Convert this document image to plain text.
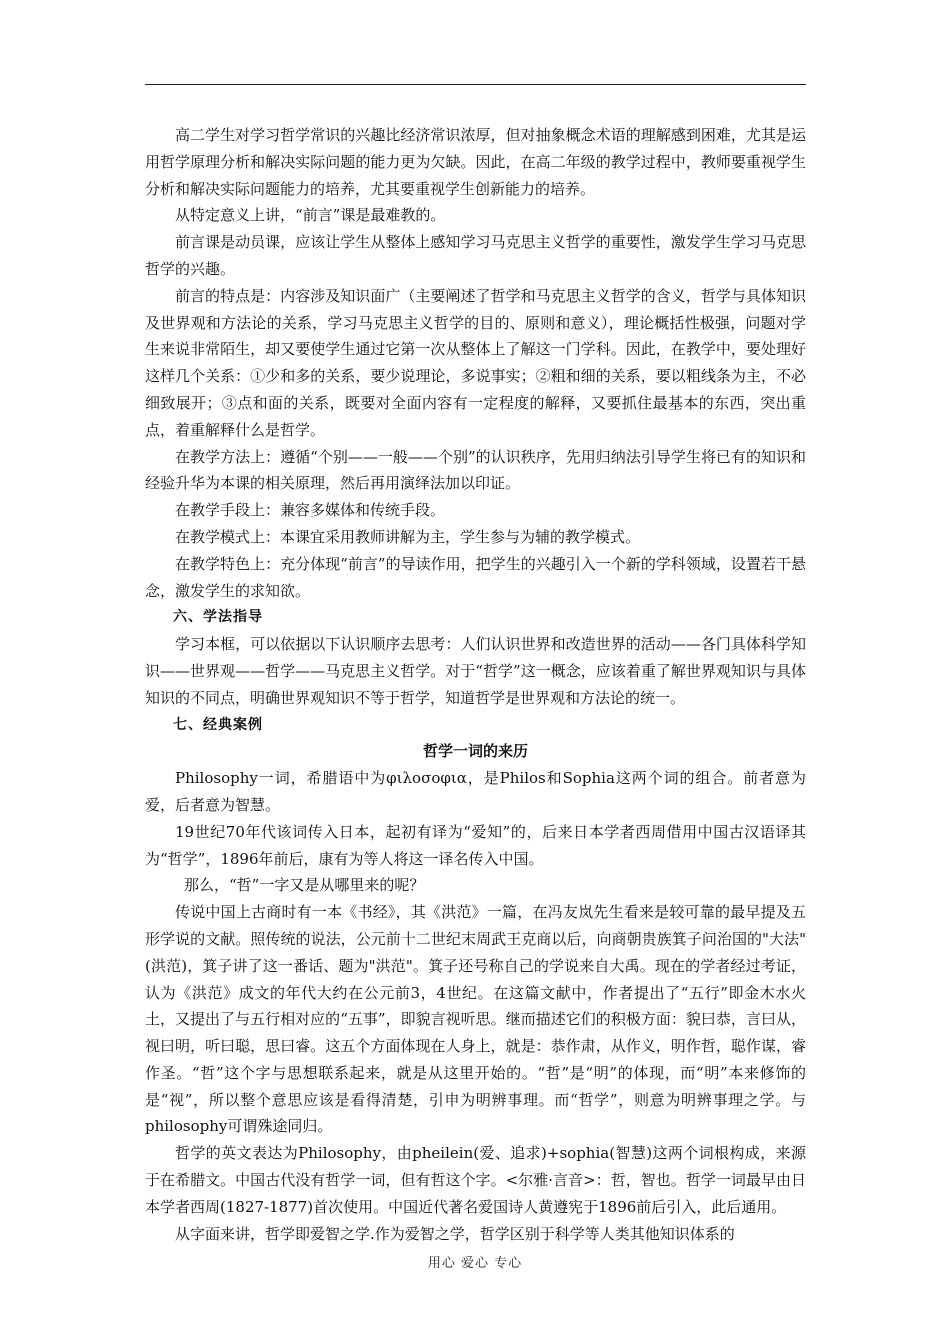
高二学生对学习哲学常识的兴趣比经济常识浓厚，但对抽象概念术语的理解感到困难，尤其是运用哲学原理分析和解决实际问题的能力更为欠缺。因此，在高二年级的教学过程中，教师要重视学生分析和解决实际问题能力的培养，尤其要重视学生创新能力的培养。

从特定意义上讲，“前言”课是最难教的。

前言课是动员课，应该让学生从整体上感知学习马克思主义哲学的重要性，激发学生学习马克思哲学的兴趣。

前言的特点是：内容涉及知识面广（主要阐述了哲学和马克思主义哲学的含义，哲学与具体知识及世界观和方法论的关系，学习马克思主义哲学的目的、原则和意义），理论概括性极强，问题对学生来说非常陌生，却又要使学生通过它第一次从整体上了解这一门学科。因此，在教学中，要处理好这样几个关系：①少和多的关系，要少说理论，多说事实；②粗和细的关系，要以粗线条为主，不必细致展开；③点和面的关系，既要对全面内容有一定程度的解释，又要抓住最基本的东西，突出重点，着重解释什么是哲学。

在教学方法上：遵循“个别——一般——个别”的认识秩序，先用归纳法引导学生将已有的知识和经验升华为本课的相关原理，然后再用演绎法加以印证。

在教学手段上：兼容多媒体和传统手段。

在教学模式上：本课宜采用教师讲解为主，学生参与为辅的教学模式。

在教学特色上：充分体现“前言”的导读作用，把学生的兴趣引入一个新的学科领域，设置若干悬念，激发学生的求知欲。

六、学法指导

学习本框，可以依据以下认识顺序去思考：人们认识世界和改造世界的活动——各门具体科学知识——世界观——哲学——马克思主义哲学。对于“哲学”这一概念，应该着重了解世界观知识与具体知识的不同点，明确世界观知识不等于哲学，知道哲学是世界观和方法论的统一。

七、经典案例

哲学一词的来历

Philosophy一词，希腊语中为φιλοσοφια，是Philos和Sophia这两个词的组合。前者意为爱，后者意为智慧。

19世纪70年代该词传入日本，起初有译为“爱知”的，后来日本学者西周借用中国古汉语译其为“哲学”，1896年前后，康有为等人将这一译名传入中国。

那么，“哲”一字又是从哪里来的呢？

传说中国上古商时有一本《书经》，其《洪范》一篇，在冯友岚先生看来是较可靠的最早提及五形学说的文献。照传统的说法，公元前十二世纪末周武王克商以后，向商朝贵族箕子问治国的"大法"(洪范)，箕子讲了这一番话、题为"洪范"。箕子还号称自己的学说来自大禹。现在的学者经过考证，认为《洪范》成文的年代大约在公元前3，4世纪。在这篇文献中，作者提出了“五行”即金木水火土，又提出了与五行相对应的“五事”，即貌言视听思。继而描述它们的积极方面：貌曰恭，言曰从，视曰明，听曰聪，思曰睿。这五个方面体现在人身上，就是：恭作肃，从作义，明作哲，聪作谋，睿作圣。“哲”这个字与思想联系起来，就是从这里开始的。“哲”是“明”的体现，而“明”本来修饰的是“视”，所以整个意思应该是看得清楚，引申为明辨事理。而“哲学”，则意为明辨事理之学。与philosophy可谓殊途同归。

哲学的英文表达为Philosophy，由pheilein(爱、追求)+sophia(智慧)这两个词根构成，来源于在希腊文。中国古代没有哲学一词，但有哲这个字。<尔雅·言音>：哲，智也。哲学一词最早由日本学者西周(1827-1877)首次使用。中国近代著名爱国诗人黄遵宪于1896前后引入，此后通用。

从字面来讲，哲学即爱智之学.作为爱智之学，哲学区别于科学等人类其他知识体系的

用心 爱心 专心
